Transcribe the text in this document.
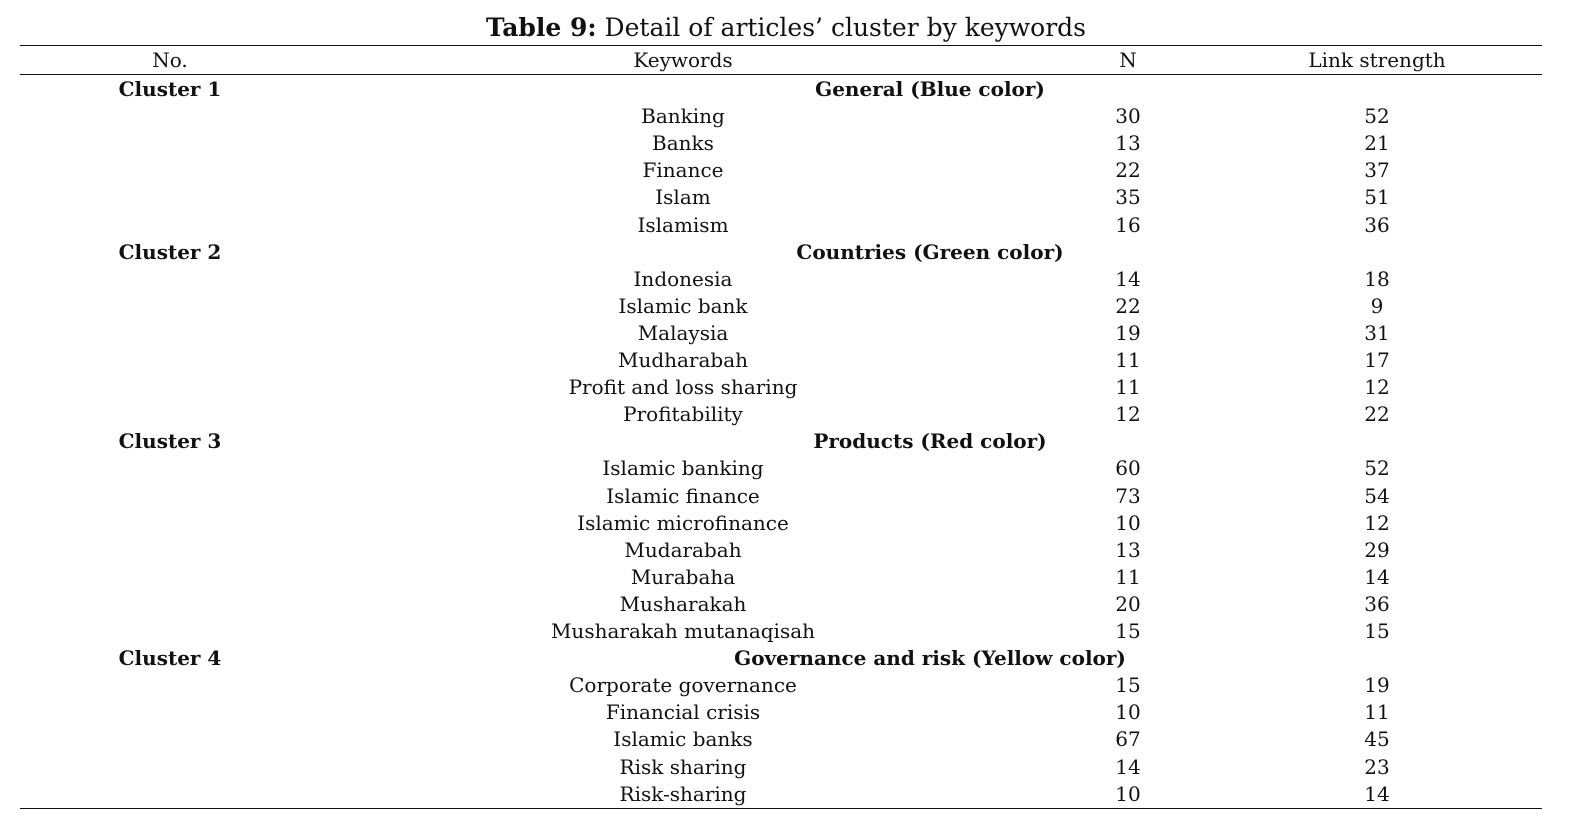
Table 9: Detail of articles’ cluster by keywords
No.	Keywords	N	Link strength
Cluster 1	General (Blue color)
Banking	30	52
Banks	13	21
Finance	22	37
Islam	35	51
Islamism	16	36
Cluster 2	Countries (Green color)
Indonesia	14	18
Islamic bank	22	9
Malaysia	19	31
Mudharabah	11	17
Profit and loss sharing	11	12
Profitability	12	22
Cluster 3	Products (Red color)
Islamic banking	60	52
Islamic finance	73	54
Islamic microfinance	10	12
Mudarabah	13	29
Murabaha	11	14
Musharakah	20	36
Musharakah mutanaqisah	15	15
Cluster 4	Governance and risk (Yellow color)
Corporate governance	15	19
Financial crisis	10	11
Islamic banks	67	45
Risk sharing	14	23
Risk-sharing	10	14
